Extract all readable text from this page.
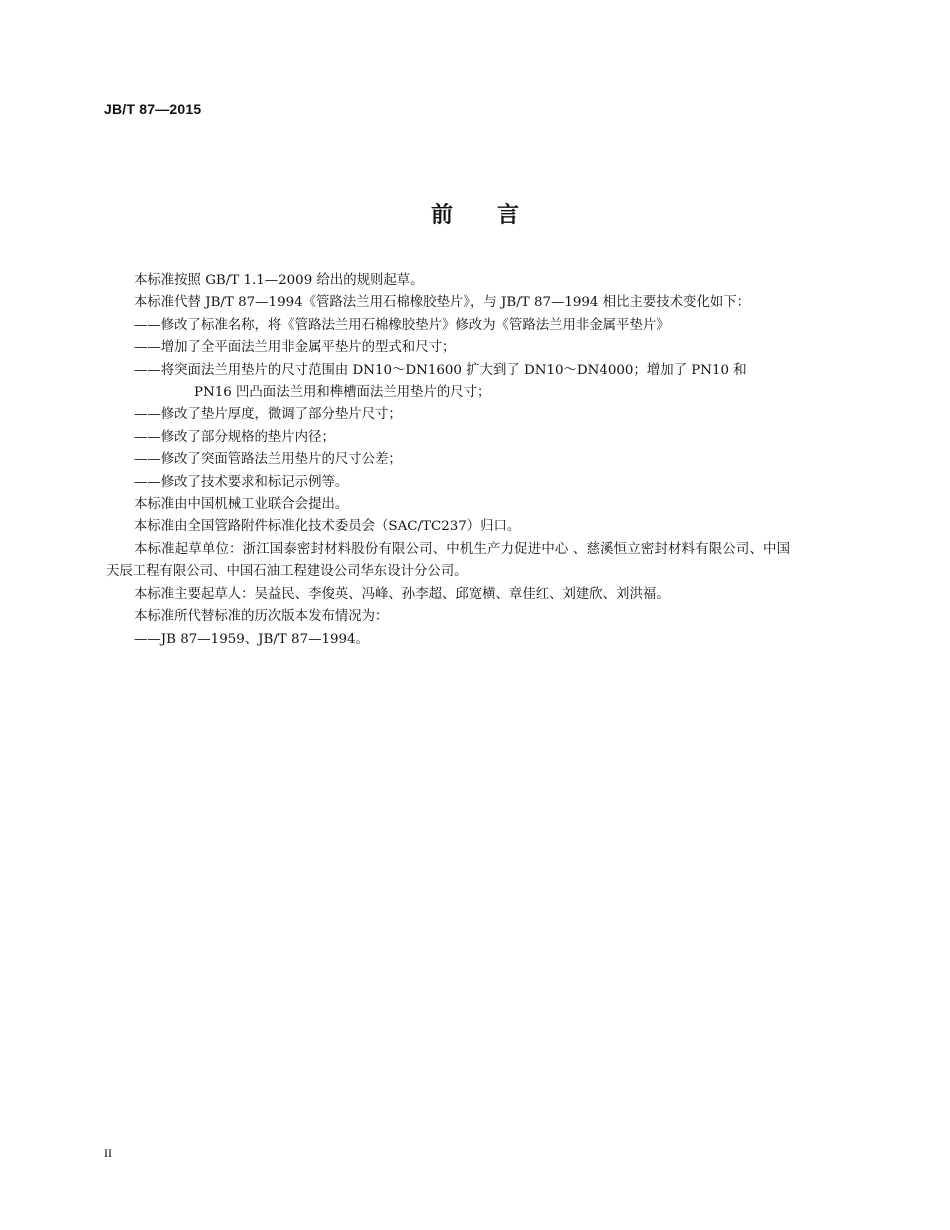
JB/T 87—2015
前 言

本标准按照 GB/T 1.1—2009 给出的规则起草。

本标准代替 JB/T 87—1994《管路法兰用石棉橡胶垫片》，与 JB/T 87—1994 相比主要技术变化如下：

——修改了标准名称，将《管路法兰用石棉橡胶垫片》修改为《管路法兰用非金属平垫片》

——增加了全平面法兰用非金属平垫片的型式和尺寸；

——将突面法兰用垫片的尺寸范围由 DN10～DN1600 扩大到了 DN10～DN4000；增加了 PN10 和
PN16 凹凸面法兰用和榫槽面法兰用垫片的尺寸；

——修改了垫片厚度，微调了部分垫片尺寸；

——修改了部分规格的垫片内径；

——修改了突面管路法兰用垫片的尺寸公差；

——修改了技术要求和标记示例等。

本标准由中国机械工业联合会提出。

本标准由全国管路附件标准化技术委员会（SAC/TC237）归口。

本标准起草单位：浙江国泰密封材料股份有限公司、中机生产力促进中心 、慈溪恒立密封材料有限公司、中国天辰工程有限公司、中国石油工程建设公司华东设计分公司。

本标准主要起草人：吴益民、李俊英、冯峰、孙李超、邱宽横、章佳红、刘建欣、刘洪福。

本标准所代替标准的历次版本发布情况为：

——JB 87—1959、JB/T 87—1994。

II
